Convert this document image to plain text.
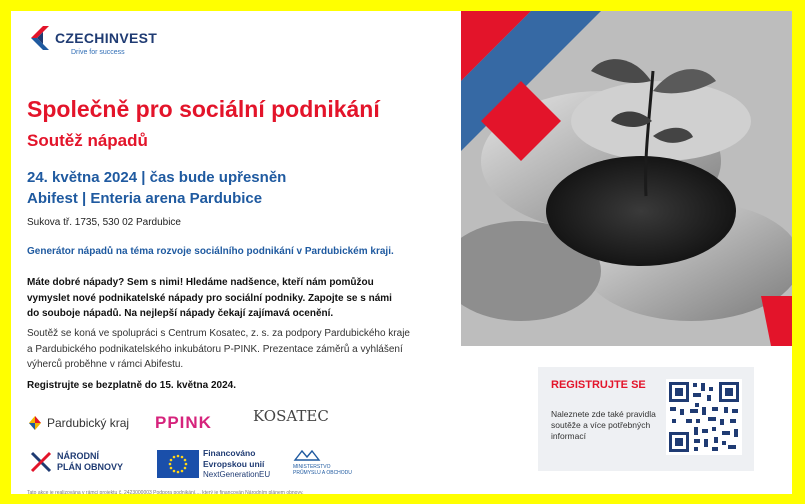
CZECHINVEST
Drive for success
Společně pro sociální podnikání
Soutěž nápadů
24. května 2024 | čas bude upřesněn
Abifest | Enteria arena Pardubice
Sukova tř. 1735, 530 02 Pardubice
Generátor nápadů na téma rozvoje sociálního podnikání v Pardubickém kraji.
Máte dobré nápady? Sem s nimi! Hledáme nadšence, kteří nám pomůžou
vymyslet nové podnikatelské nápady pro sociální podniky. Zapojte se s námi
do souboje nápadů. Na nejlepší nápady čekají zajímavá ocenění.
Soutěž se koná ve spolupráci s Centrum Kosatec, z. s. za podpory Pardubického kraje
a Pardubického podnikatelského inkubátoru P-PINK. Prezentace záměrů a vyhlášení
výherců proběhne v rámci Abifestu.
Registrujte se bezplatně do 15. května 2024.
Pardubický kraj PPINK	KOSATEC
NÁRODNÍ
PLÁN OBNOVY
Financováno
Evropskou unií
NextGenerationEU
MINISTERSTVO
PRŮMYSLU A OBCHODU
Tato akce je realizována v rámci projektu č. 2423000003 Podpora podnikání..., který je financován Národním plánem obnovy.
REGISTRUJTE SE
Naleznete zde také pravidla soutěže a více potřebných informací
